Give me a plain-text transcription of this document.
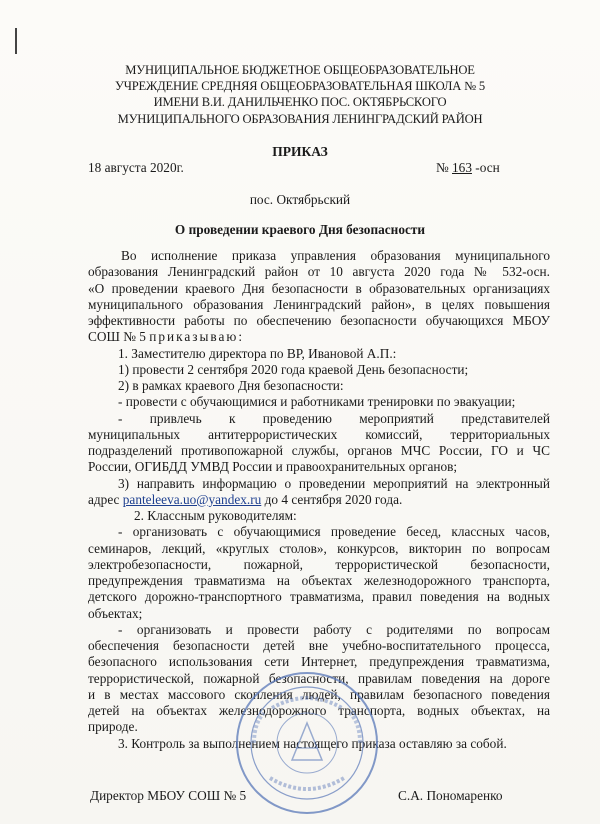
МУНИЦИПАЛЬНОЕ БЮДЖЕТНОЕ ОБЩЕОБРАЗОВАТЕЛЬНОЕ
УЧРЕЖДЕНИЕ СРЕДНЯЯ ОБЩЕОБРАЗОВАТЕЛЬНАЯ ШКОЛА № 5
ИМЕНИ В.И. ДАНИЛЬЧЕНКО ПОС. ОКТЯБРЬСКОГО
МУНИЦИПАЛЬНОГО ОБРАЗОВАНИЯ ЛЕНИНГРАДСКИЙ РАЙОН
ПРИКАЗ
18 августа 2020г.	№ 163 -осн
пос. Октябрьский
О проведении краевого Дня безопасности

Во исполнение приказа управления образования муниципального

образования Ленинградский район от 10 августа 2020 года № 532-осн.

«О проведении краевого Дня безопасности в образовательных организациях

муниципального образования Ленинградский район», в целях повышения

эффективности работы по обеспечению безопасности обучающихся МБОУ

СОШ № 5 приказываю:

1. Заместителю директора по ВР, Ивановой А.П.:

1) провести 2 сентября 2020 года краевой День безопасности;

2) в рамках краевого Дня безопасности:

- провести с обучающимися и работниками тренировки по эвакуации;

- привлечь к проведению мероприятий представителей

муниципальных антитеррористических комиссий, территориальных

подразделений противопожарной службы, органов МЧС России, ГО и ЧС

России, ОГИБДД УМВД России и правоохранительных органов;

3) направить информацию о проведении мероприятий на электронный

адрес panteleeva.uo@yandex.ru до 4 сентября 2020 года.

2. Классным руководителям:

- организовать с обучающимися проведение бесед, классных часов,

семинаров, лекций, «круглых столов», конкурсов, викторин по вопросам

электробезопасности, пожарной, террористической безопасности,

предупреждения травматизма на объектах железнодорожного транспорта,

детского дорожно-транспортного травматизма, правил поведения на водных

объектах;

- организовать и провести работу с родителями по вопросам

обеспечения безопасности детей вне учебно-воспитательного процесса,

безопасного использования сети Интернет, предупреждения травматизма,

террористической, пожарной безопасности, правилам поведения на дороге

и в местах массового скопления людей, правилам безопасного поведения

детей на объектах железнодорожного транспорта, водных объектах, на

природе.

3. Контроль за выполнением настоящего приказа оставляю за собой.

Директор МБОУ СОШ № 5	С.А. Пономаренко
